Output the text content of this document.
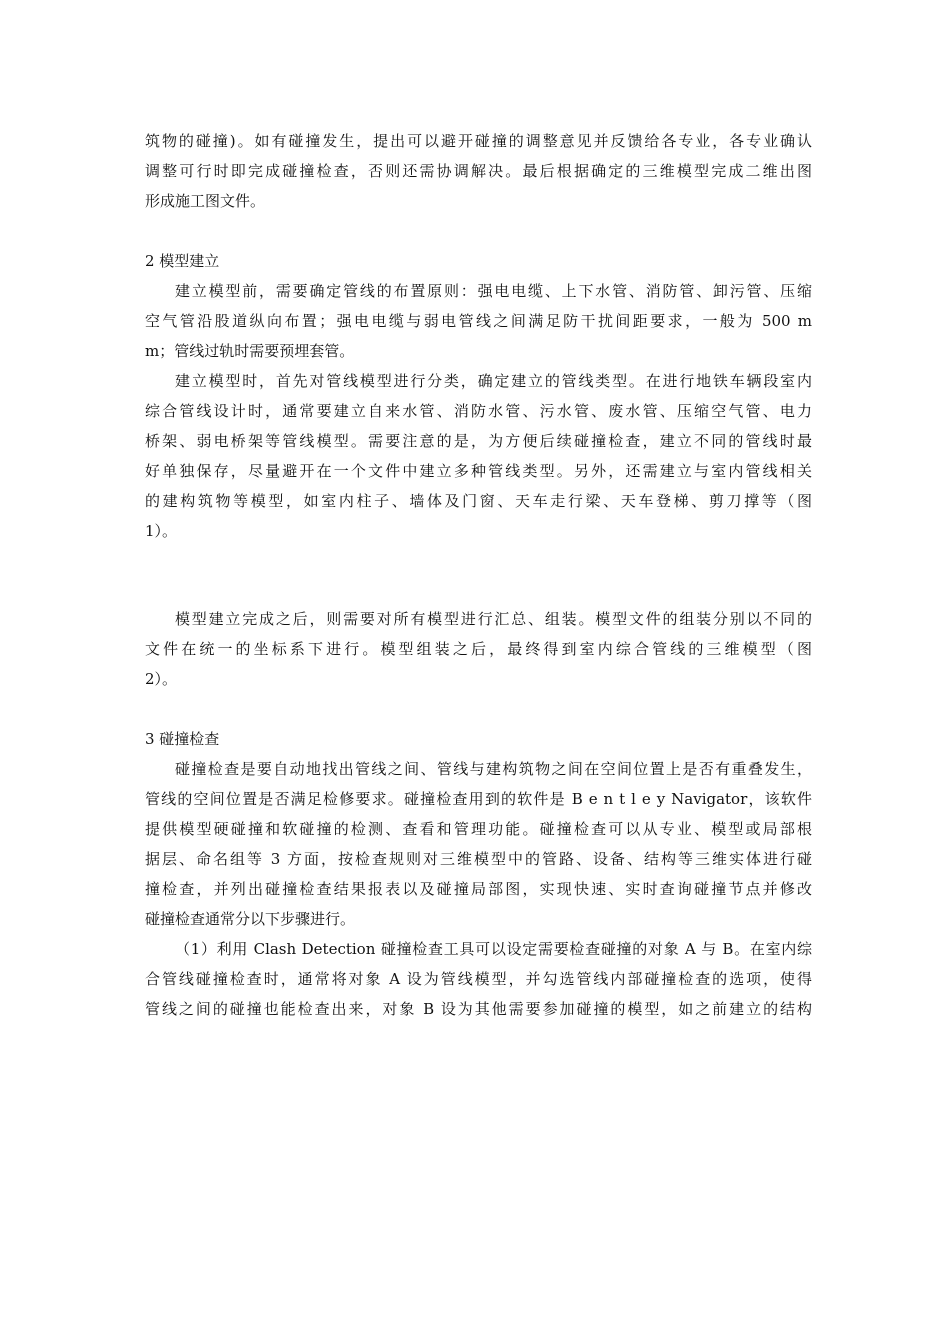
筑物的碰撞)。如有碰撞发生，提出可以避开碰撞的调整意见并反馈给各专业，各专业确认
调整可行时即完成碰撞检查，否则还需协调解决。最后根据确定的三维模型完成二维出图
形成施工图文件。
2 模型建立
建立模型前，需要确定管线的布置原则：强电电缆、上下水管、消防管、卸污管、压缩
空气管沿股道纵向布置；强电电缆与弱电管线之间满足防干扰间距要求，一般为 500 m
m；管线过轨时需要预埋套管。
建立模型时，首先对管线模型进行分类，确定建立的管线类型。在进行地铁车辆段室内
综合管线设计时，通常要建立自来水管、消防水管、污水管、废水管、压缩空气管、电力
桥架、弱电桥架等管线模型。需要注意的是，为方便后续碰撞检查，建立不同的管线时最
好单独保存，尽量避开在一个文件中建立多种管线类型。另外，还需建立与室内管线相关
的建构筑物等模型，如室内柱子、墙体及门窗、天车走行梁、天车登梯、剪刀撑等（图
1）。
模型建立完成之后，则需要对所有模型进行汇总、组装。模型文件的组装分别以不同的
文件在统一的坐标系下进行。模型组装之后，最终得到室内综合管线的三维模型（图
2）。
3 碰撞检查
碰撞检查是要自动地找出管线之间、管线与建构筑物之间在空间位置上是否有重叠发生，
管线的空间位置是否满足检修要求。碰撞检查用到的软件是 B e n t l e y Navigator，该软件
提供模型硬碰撞和软碰撞的检测、查看和管理功能。碰撞检查可以从专业、模型或局部根
据层、命名组等 3 方面，按检查规则对三维模型中的管路、设备、结构等三维实体进行碰
撞检查，并列出碰撞检查结果报表以及碰撞局部图，实现快速、实时查询碰撞节点并修改
碰撞检查通常分以下步骤进行。
（1）利用 Clash Detection 碰撞检查工具可以设定需要检查碰撞的对象 A 与 B。在室内综
合管线碰撞检查时，通常将对象 A 设为管线模型，并勾选管线内部碰撞检查的选项，使得
管线之间的碰撞也能检查出来，对象 B 设为其他需要参加碰撞的模型，如之前建立的结构
